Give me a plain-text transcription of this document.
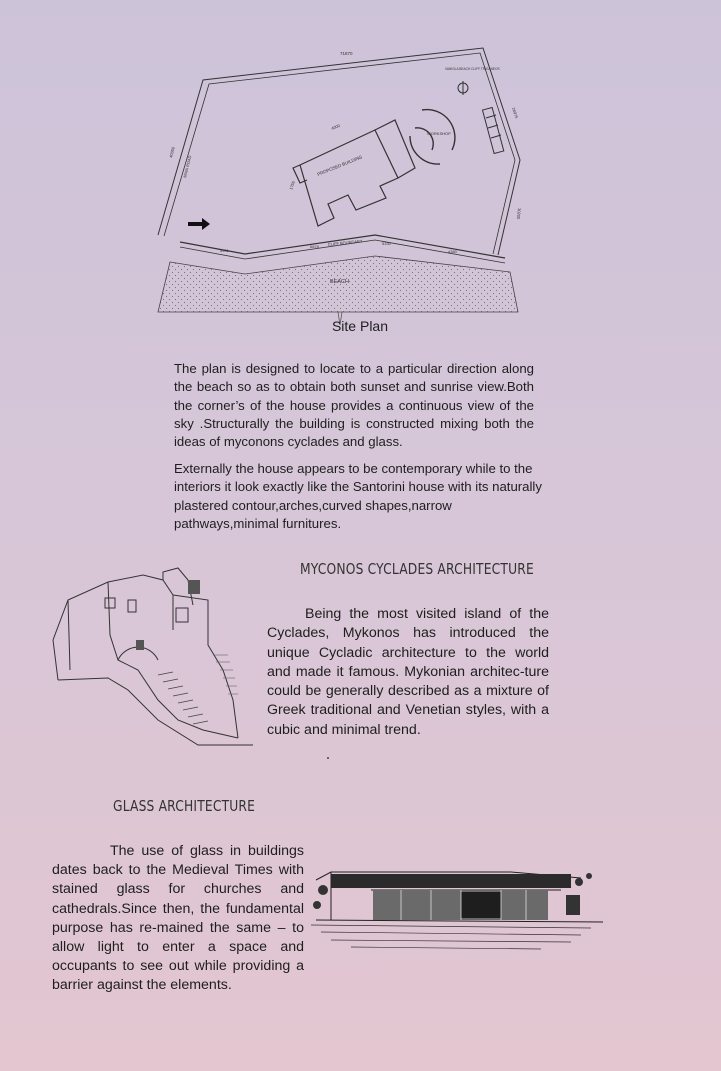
71870
MAIN ROAD
40050
PROPOSED BUILDING
WORKSHOP
VANIGLA BEACH CLIFF TRIGANEOS
26975
30200
CLIFF BOUNDARY
5901
6878
5330
4380
4000
1755
BEACH
Site Plan
The plan is designed to locate to a particular direction along the beach so as to obtain both sunset and sunrise view.Both the corner’s of the house provides a continuous view of the sky .Structurally the building is constructed mixing both the ideas of myconons cyclades and glass.
Externally the house appears to be contemporary while to the interiors it look exactly like the Santorini house with its naturally plastered contour,arches,curved shapes,narrow pathways,minimal furnitures.
MYCONOS CYCLADES ARCHITECTURE
Being the most visited island of the Cyclades, Mykonos has introduced the unique Cycladic architecture to the world and made it famous. Mykonian architec-ture could be generally described as a mixture of Greek traditional and Venetian styles, with a cubic and minimal trend.
GLASS ARCHITECTURE
The use of glass in buildings dates back to the Medieval Times with stained glass for churches and cathedrals.Since then, the fundamental purpose has re-mained the same – to allow light to enter a space and occupants to see out while providing a barrier against the elements.
